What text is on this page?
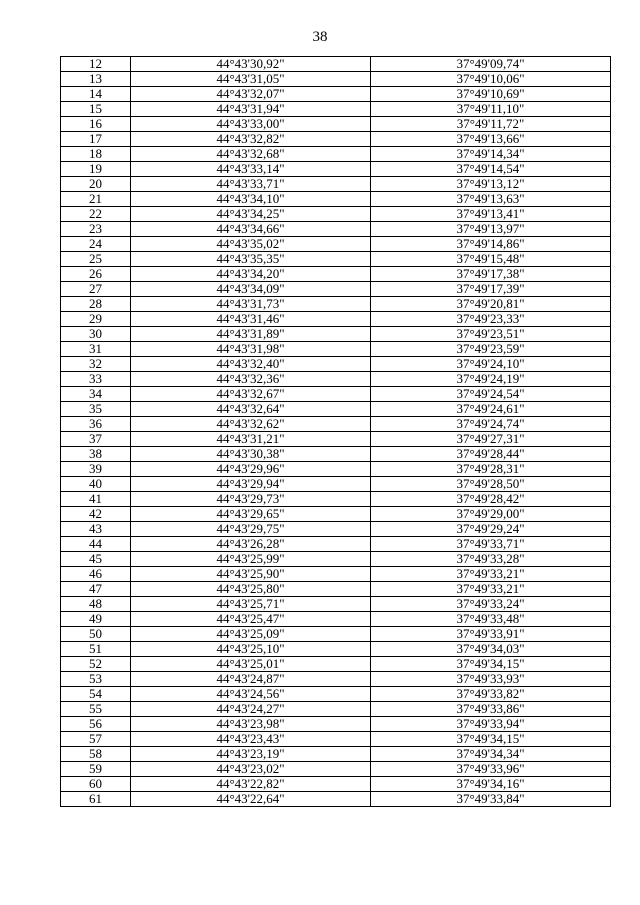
38
12	44°43'30,92"	37°49'09,74"
13	44°43'31,05"	37°49'10,06"
14	44°43'32,07"	37°49'10,69"
15	44°43'31,94"	37°49'11,10"
16	44°43'33,00"	37°49'11,72"
17	44°43'32,82"	37°49'13,66"
18	44°43'32,68"	37°49'14,34"
19	44°43'33,14"	37°49'14,54"
20	44°43'33,71"	37°49'13,12"
21	44°43'34,10"	37°49'13,63"
22	44°43'34,25"	37°49'13,41"
23	44°43'34,66"	37°49'13,97"
24	44°43'35,02"	37°49'14,86"
25	44°43'35,35"	37°49'15,48"
26	44°43'34,20"	37°49'17,38"
27	44°43'34,09"	37°49'17,39"
28	44°43'31,73"	37°49'20,81"
29	44°43'31,46"	37°49'23,33"
30	44°43'31,89"	37°49'23,51"
31	44°43'31,98"	37°49'23,59"
32	44°43'32,40"	37°49'24,10"
33	44°43'32,36"	37°49'24,19"
34	44°43'32,67"	37°49'24,54"
35	44°43'32,64"	37°49'24,61"
36	44°43'32,62"	37°49'24,74"
37	44°43'31,21"	37°49'27,31"
38	44°43'30,38"	37°49'28,44"
39	44°43'29,96"	37°49'28,31"
40	44°43'29,94"	37°49'28,50"
41	44°43'29,73"	37°49'28,42"
42	44°43'29,65"	37°49'29,00"
43	44°43'29,75"	37°49'29,24"
44	44°43'26,28"	37°49'33,71"
45	44°43'25,99"	37°49'33,28"
46	44°43'25,90"	37°49'33,21"
47	44°43'25,80"	37°49'33,21"
48	44°43'25,71"	37°49'33,24"
49	44°43'25,47"	37°49'33,48"
50	44°43'25,09"	37°49'33,91"
51	44°43'25,10"	37°49'34,03"
52	44°43'25,01"	37°49'34,15"
53	44°43'24,87"	37°49'33,93"
54	44°43'24,56"	37°49'33,82"
55	44°43'24,27"	37°49'33,86"
56	44°43'23,98"	37°49'33,94"
57	44°43'23,43"	37°49'34,15"
58	44°43'23,19"	37°49'34,34"
59	44°43'23,02"	37°49'33,96"
60	44°43'22,82"	37°49'34,16"
61	44°43'22,64"	37°49'33,84"
